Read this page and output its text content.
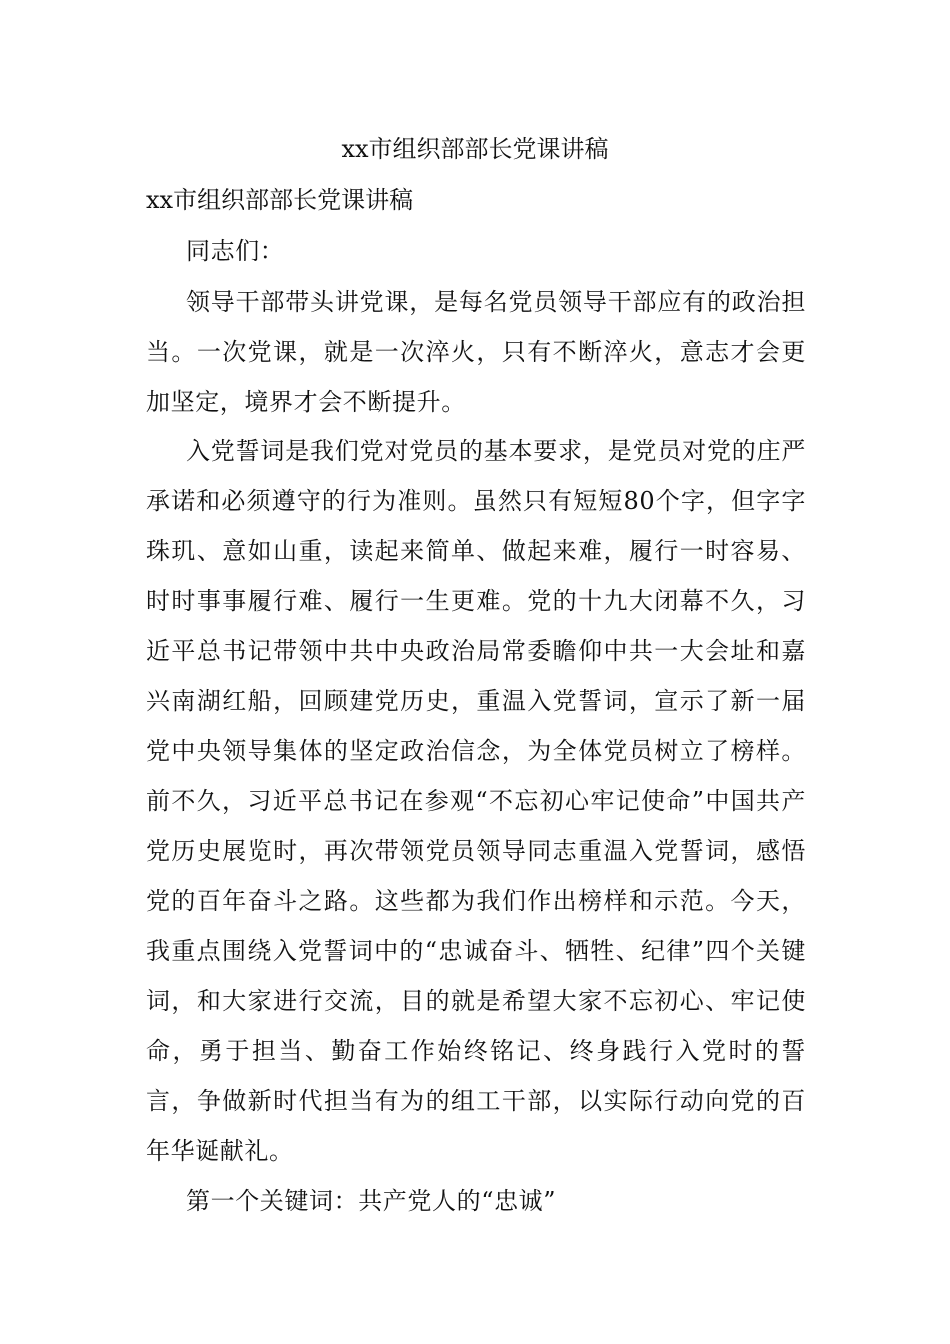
xx市组织部部长党课讲稿

xx市组织部部长党课讲稿

同志们：

领导干部带头讲党课，是每名党员领导干部应有的政治担当。一次党课，就是一次淬火，只有不断淬火，意志才会更加坚定，境界才会不断提升。

入党誓词是我们党对党员的基本要求，是党员对党的庄严承诺和必须遵守的行为准则。虽然只有短短80个字，但字字珠玑、意如山重，读起来简单、做起来难，履行一时容易、时时事事履行难、履行一生更难。党的十九大闭幕不久，习近平总书记带领中共中央政治局常委瞻仰中共一大会址和嘉兴南湖红船，回顾建党历史，重温入党誓词，宣示了新一届党中央领导集体的坚定政治信念，为全体党员树立了榜样。前不久，习近平总书记在参观“不忘初心牢记使命”中国共产党历史展览时，再次带领党员领导同志重温入党誓词，感悟党的百年奋斗之路。这些都为我们作出榜样和示范。今天，我重点围绕入党誓词中的“忠诚奋斗、牺牲、纪律”四个关键词，和大家进行交流，目的就是希望大家不忘初心、牢记使命，勇于担当、勤奋工作始终铭记、终身践行入党时的誓言，争做新时代担当有为的组工干部，以实际行动向党的百年华诞献礼。

第一个关键词：共产党人的“忠诚”
